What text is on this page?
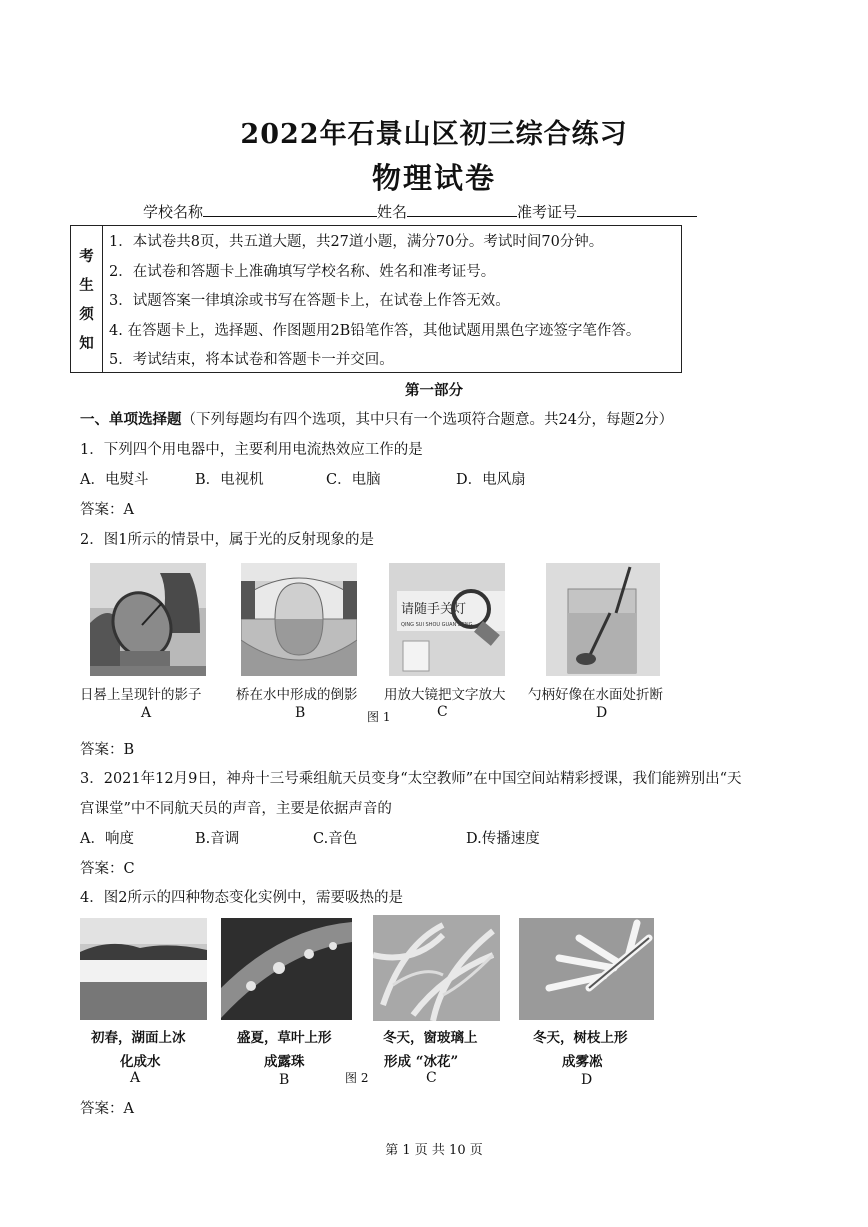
2022年石景山区初三综合练习
物理试卷
学校名称	姓名	准考证号
考
生
须
知
1．本试卷共8页，共五道大题，共27道小题，满分70分。考试时间70分钟。
2．在试卷和答题卡上准确填写学校名称、姓名和准考证号。
3．试题答案一律填涂或书写在答题卡上，在试卷上作答无效。
4. 在答题卡上，选择题、作图题用2B铅笔作答，其他试题用黑色字迹签字笔作答。
5．考试结束，将本试卷和答题卡一并交回。
第一部分
一、单项选择题（下列每题均有四个选项，其中只有一个选项符合题意。共24分，每题2分）
1．下列四个用电器中，主要利用电流热效应工作的是
A．电熨斗	B．电视机	C．电脑	D．电风扇
答案：A
2．图1所示的情景中，属于光的反射现象的是
请随手关灯
QING SUI SHOU GUAN DENG
日晷上呈现针的影子	桥在水中形成的倒影 用放大镜把文字放大 勺柄好像在水面处折断
A	B	图 1	C	D
答案：B
3．2021年12月9日，神舟十三号乘组航天员变身“太空教师”在中国空间站精彩授课，我们能辨别出“天
宫课堂”中不同航天员的声音，主要是依据声音的
A．响度	B.音调	C.音色	D.传播速度
答案：C
4．图2所示的四种物态变化实例中，需要吸热的是
初春，湖面上冰	盛夏，草叶上形	冬天，窗玻璃上	冬天，树枝上形
化成水	成露珠	形成 “冰花”	成雾凇
A	B	图 2	C	D
答案：A
第 1 页 共 10 页
